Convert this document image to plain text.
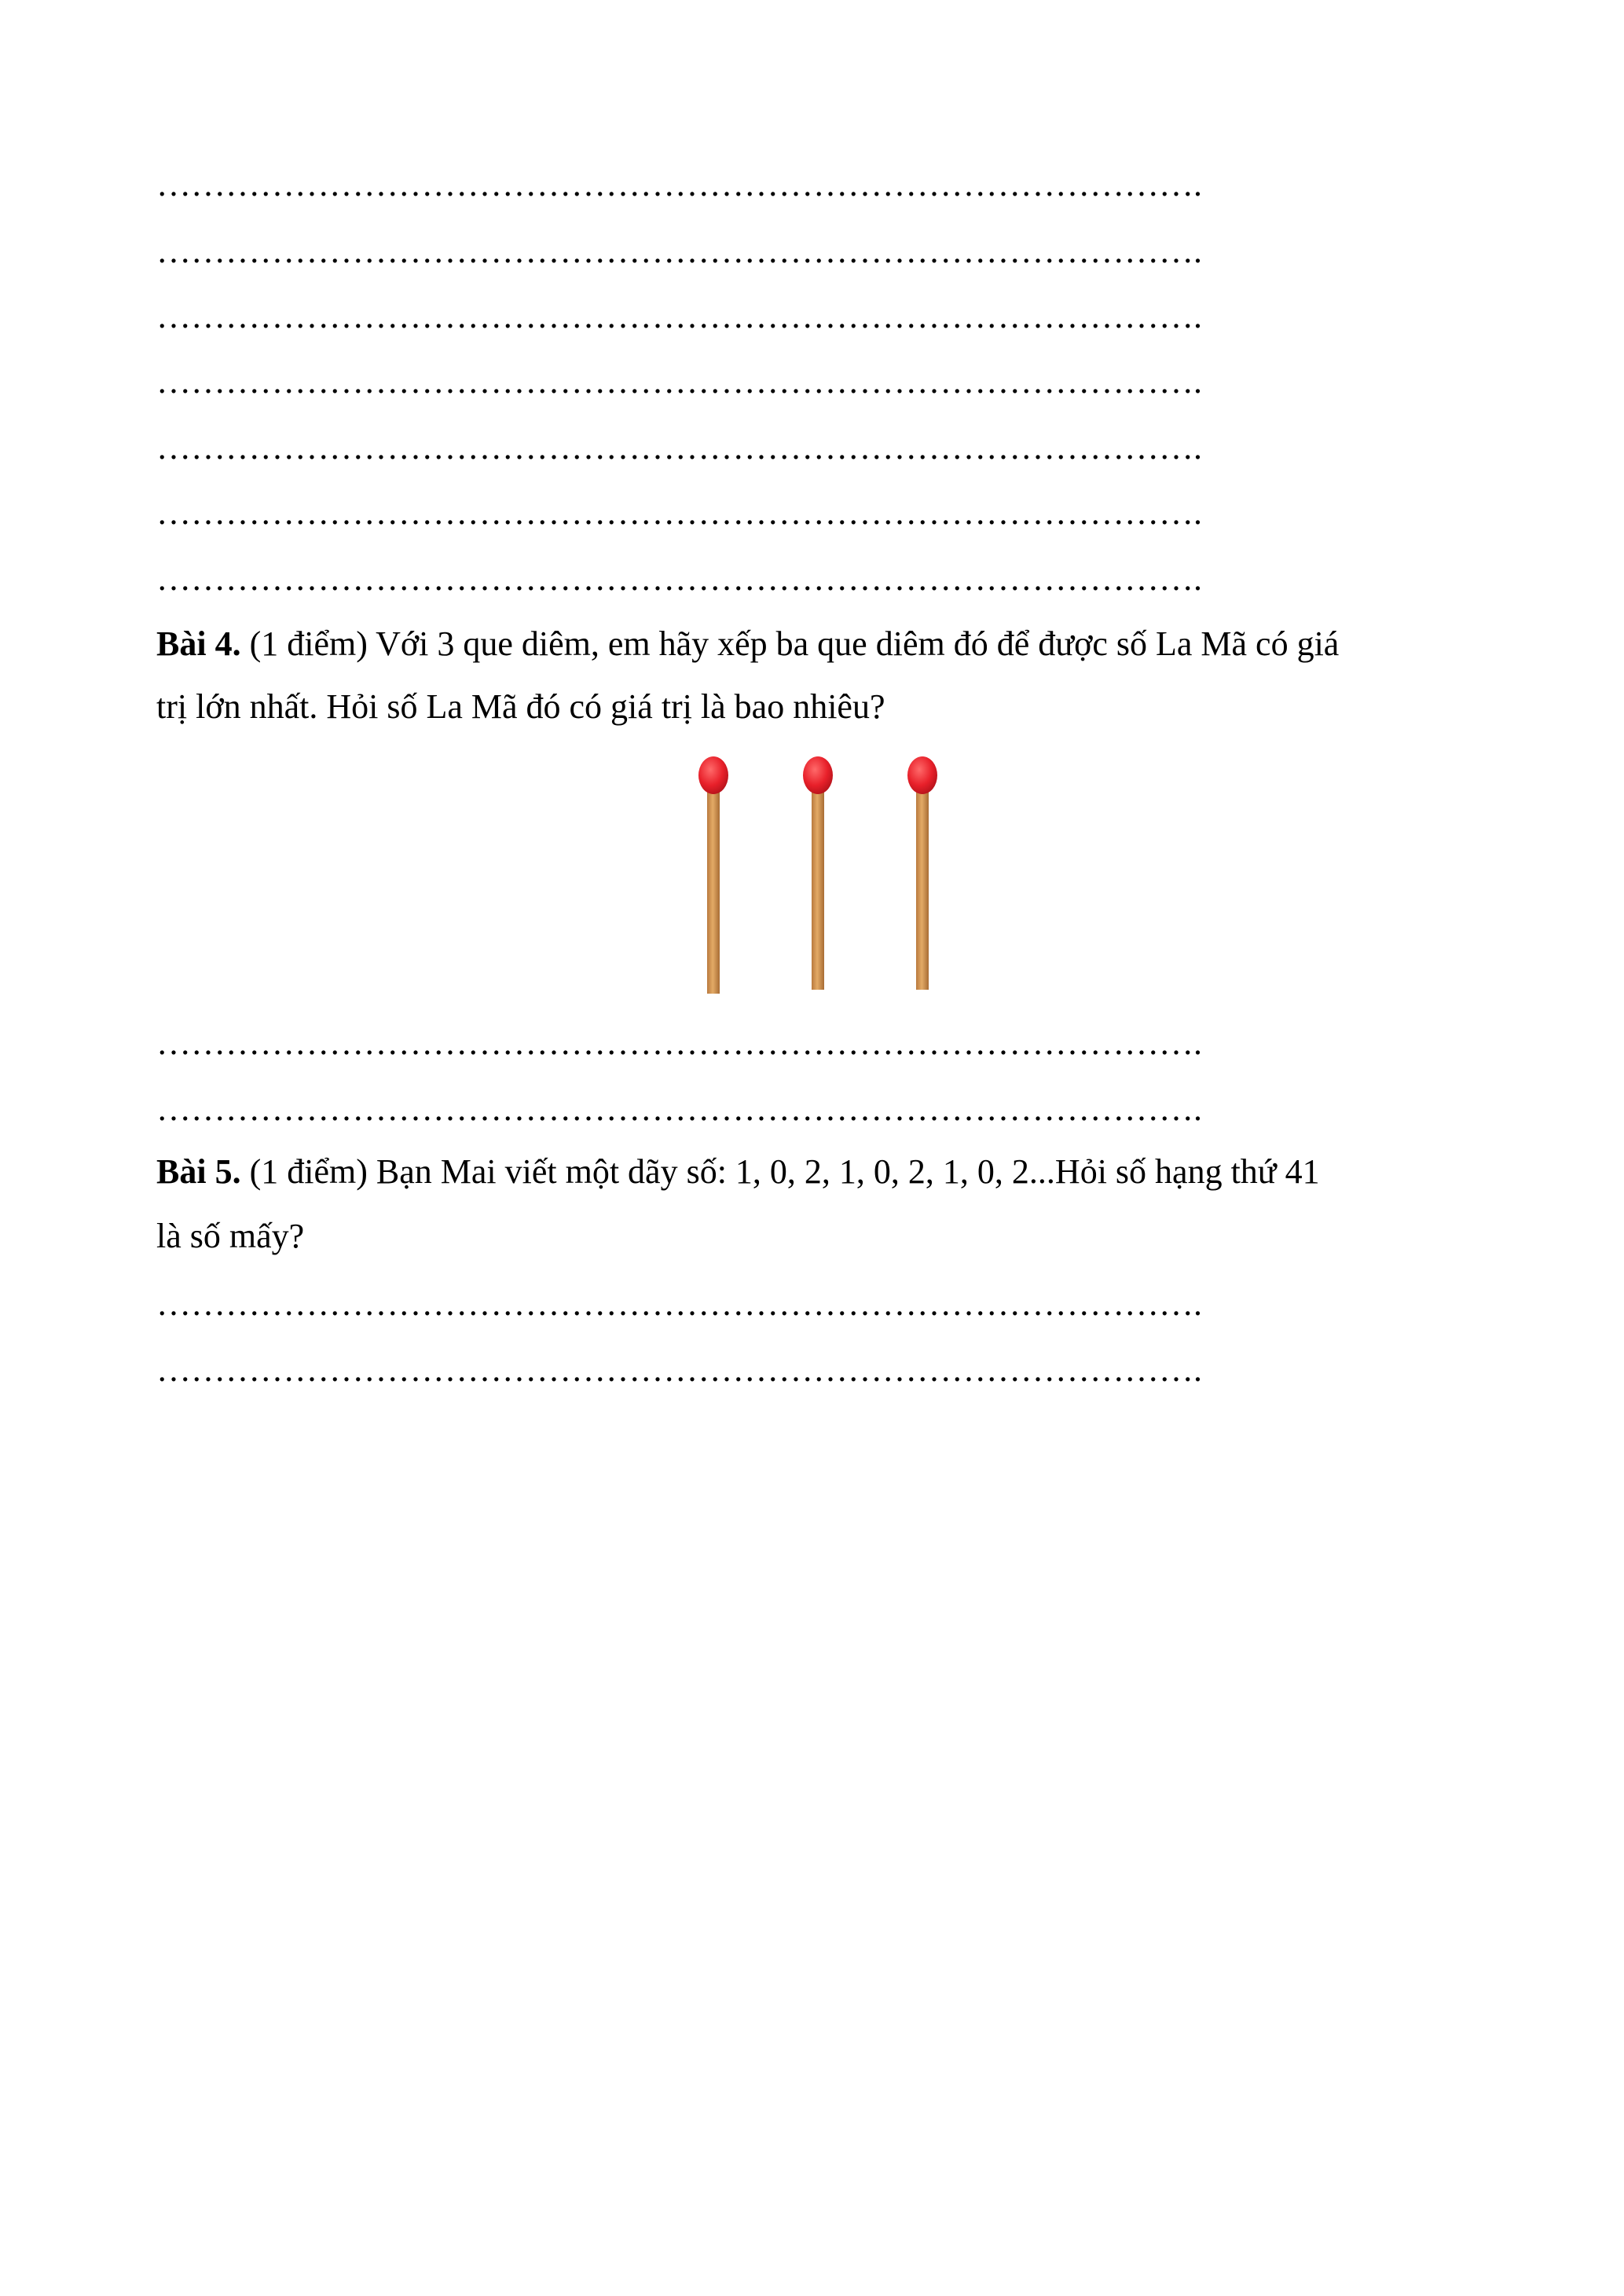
……………………………………………………………………………….
……………………………………………………………………………….
……………………………………………………………………………….
……………………………………………………………………………….
……………………………………………………………………………….
……………………………………………………………………………….
……………………………………………………………………………….
Bài 4. (1 điểm) Với 3 que diêm, em hãy xếp ba que diêm đó để được số La Mã có giá
trị lớn nhất. Hỏi số La Mã đó có giá trị là bao nhiêu?
……………………………………………………………………………….
……………………………………………………………………………….
Bài 5. (1 điểm) Bạn Mai viết một dãy số: 1, 0, 2, 1, 0, 2, 1, 0, 2...Hỏi số hạng thứ 41
là số mấy?
……………………………………………………………………………….
……………………………………………………………………………….
